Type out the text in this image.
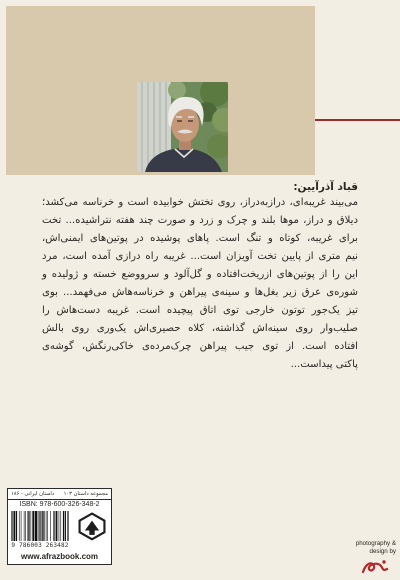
قباد آذرآیین:
می‌بیند غریبه‌ای، درازبه‌دراز، روی تختش خوابیده است و خرناسه می‌کشد؛
دیلاق و دراز، موها بلند و چرک و زرد و صورت چند هفته نتراشیده... تخت
برای غریبه، کوتاه و تنگ است. پاهای پوشیده در پوتین‌های ایمنی‌اش،
نیم متری از پایین تخت آویزان است... غریبه راه درازی آمده است، مرد
این را از پوتین‌های ازریخت‌افتاده و گل‌آلود و سرووضع خسته و ژولیده و
شوره‌ی عرق زیر بغل‌ها و سینه‌ی پیراهن و خرناسه‌هاش می‌فهمد... بوی
تیز یک‌جور توتون خارجی توی اتاق پیچیده است. غریبه دست‌هاش را
صلیب‌وار روی سینه‌اش گذاشته، کلاه حصیری‌اش یک‌وری روی بالش
افتاده است. از توی جیب پیراهن چرک‌مرده‌ی خاکی‌رنگش، گوشه‌ی
پاکتی پیداست...
مجموعه داستان ۱۰۳
داستان ایرانی - ۱۸۶
ISBN: 978-600-326-348-2
9 786003 263482
www.afrazbook.com
photography &
design by
